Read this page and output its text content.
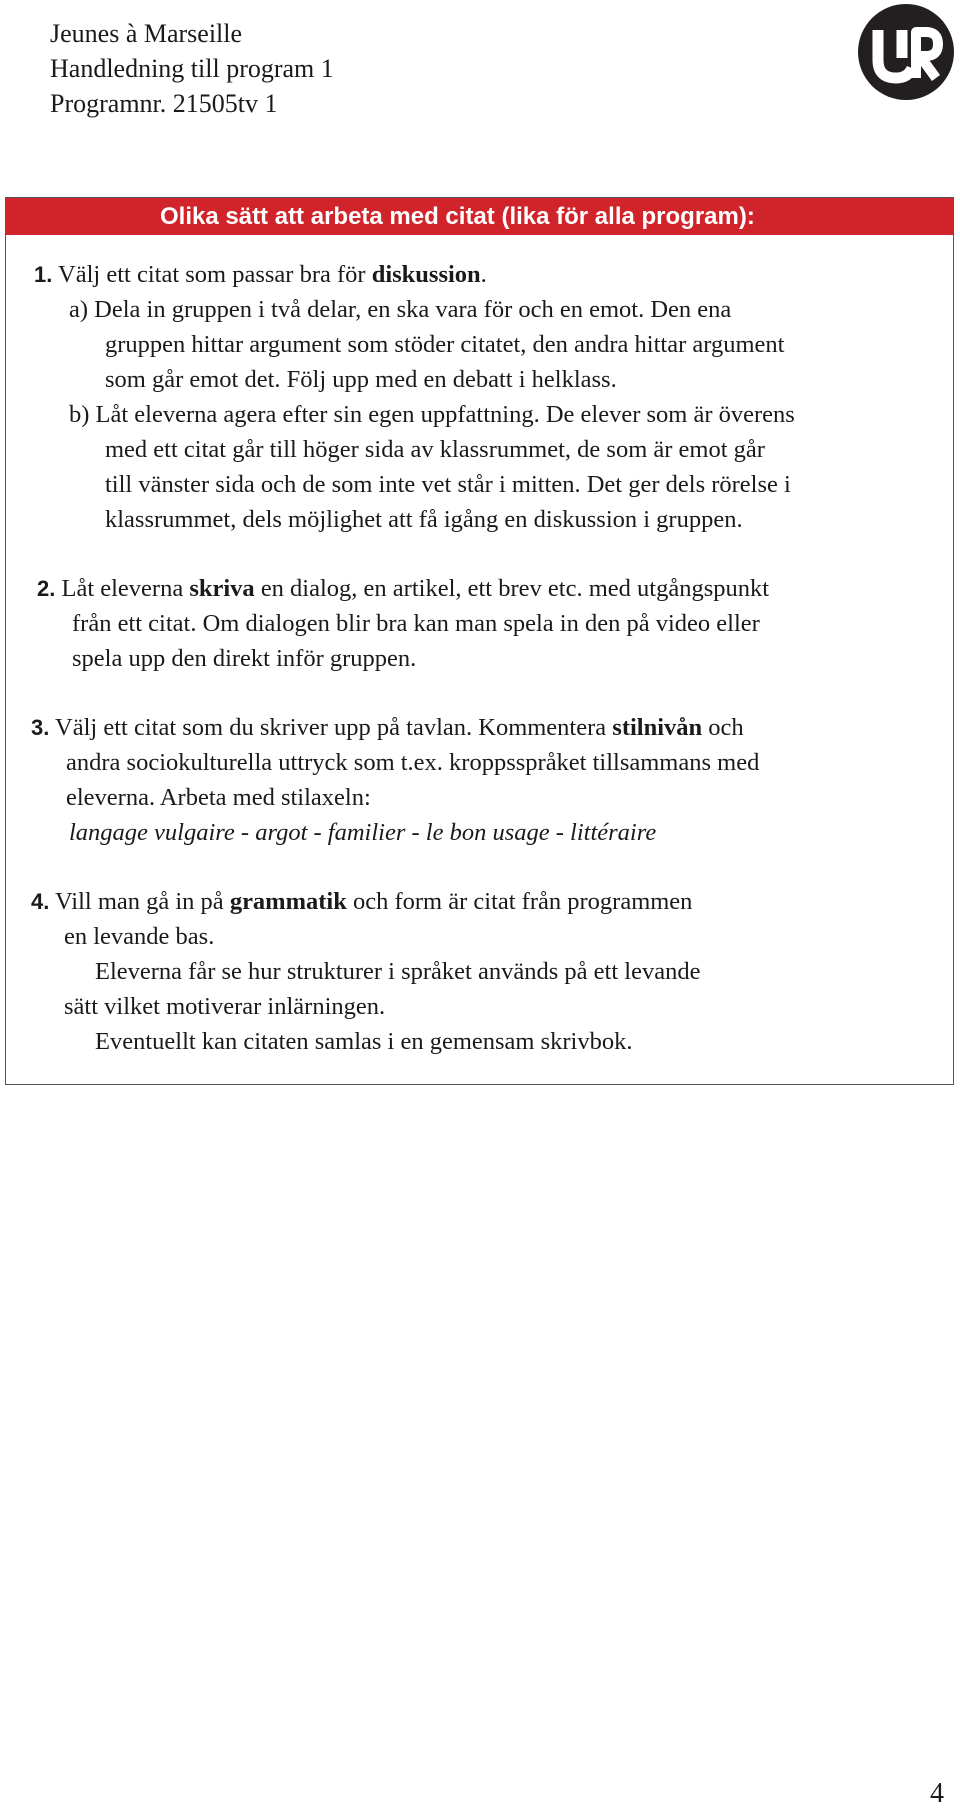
Jeunes à Marseille
Handledning till program 1
Programnr. 21505tv 1
Olika sätt att arbeta med citat (lika för alla program):
1. Välj ett citat som passar bra för diskussion.
a) Dela in gruppen i två delar, en ska vara för och en emot. Den ena
gruppen hittar argument som stöder citatet, den andra hittar argument
som går emot det. Följ upp med en debatt i helklass.
b) Låt eleverna agera efter sin egen uppfattning. De elever som är överens
med ett citat går till höger sida av klassrummet, de som är emot går
till vänster sida och de som inte vet står i mitten. Det ger dels rörelse i
klassrummet, dels möjlighet att få igång en diskussion i gruppen.
2. Låt eleverna skriva en dialog, en artikel, ett brev etc. med utgångspunkt
från ett citat. Om dialogen blir bra kan man spela in den på video eller
spela upp den direkt inför gruppen.
3. Välj ett citat som du skriver upp på tavlan. Kommentera stilnivån och
andra sociokulturella uttryck som t.ex. kroppsspråket tillsammans med
eleverna. Arbeta med stilaxeln:
langage vulgaire - argot - familier - le bon usage - littéraire
4. Vill man gå in på grammatik och form är citat från programmen
en levande bas.
Eleverna får se hur strukturer i språket används på ett levande
sätt vilket motiverar inlärningen.
Eventuellt kan citaten samlas i en gemensam skrivbok.
4
